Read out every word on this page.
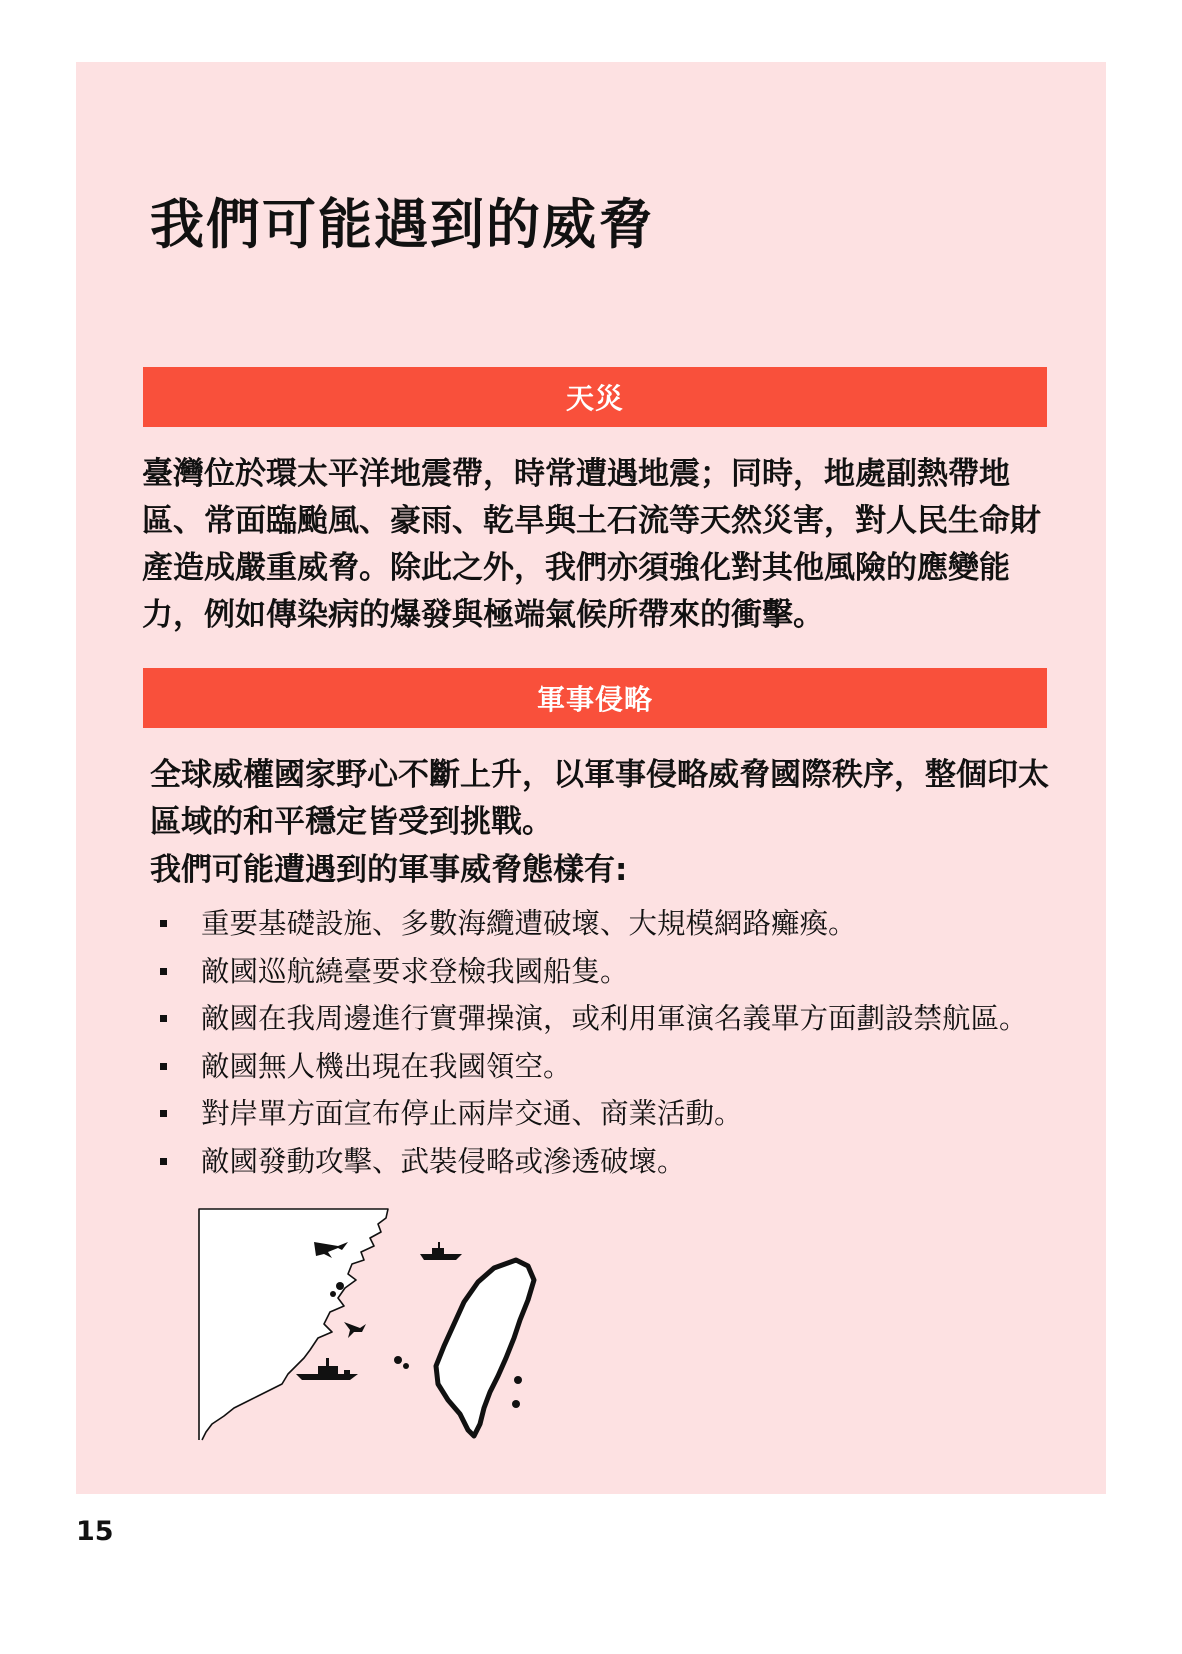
我們可能遇到的威脅
天災

臺灣位於環太平洋地震帶，時常遭遇地震；同時，地處副熱帶地區、常面臨颱風、豪雨、乾旱與土石流等天然災害，對人民生命財產造成嚴重威脅。除此之外，我們亦須強化對其他風險的應變能力，例如傳染病的爆發與極端氣候所帶來的衝擊。

軍事侵略

全球威權國家野心不斷上升，以軍事侵略威脅國際秩序，整個印太區域的和平穩定皆受到挑戰。

我們可能遭遇到的軍事威脅態樣有:

重要基礎設施、多數海纜遭破壞、大規模網路癱瘓。
敵國巡航繞臺要求登檢我國船隻。
敵國在我周邊進行實彈操演，或利用軍演名義單方面劃設禁航區。
敵國無人機出現在我國領空。
對岸單方面宣布停止兩岸交通、商業活動。
敵國發動攻擊、武裝侵略或滲透破壞。
15
